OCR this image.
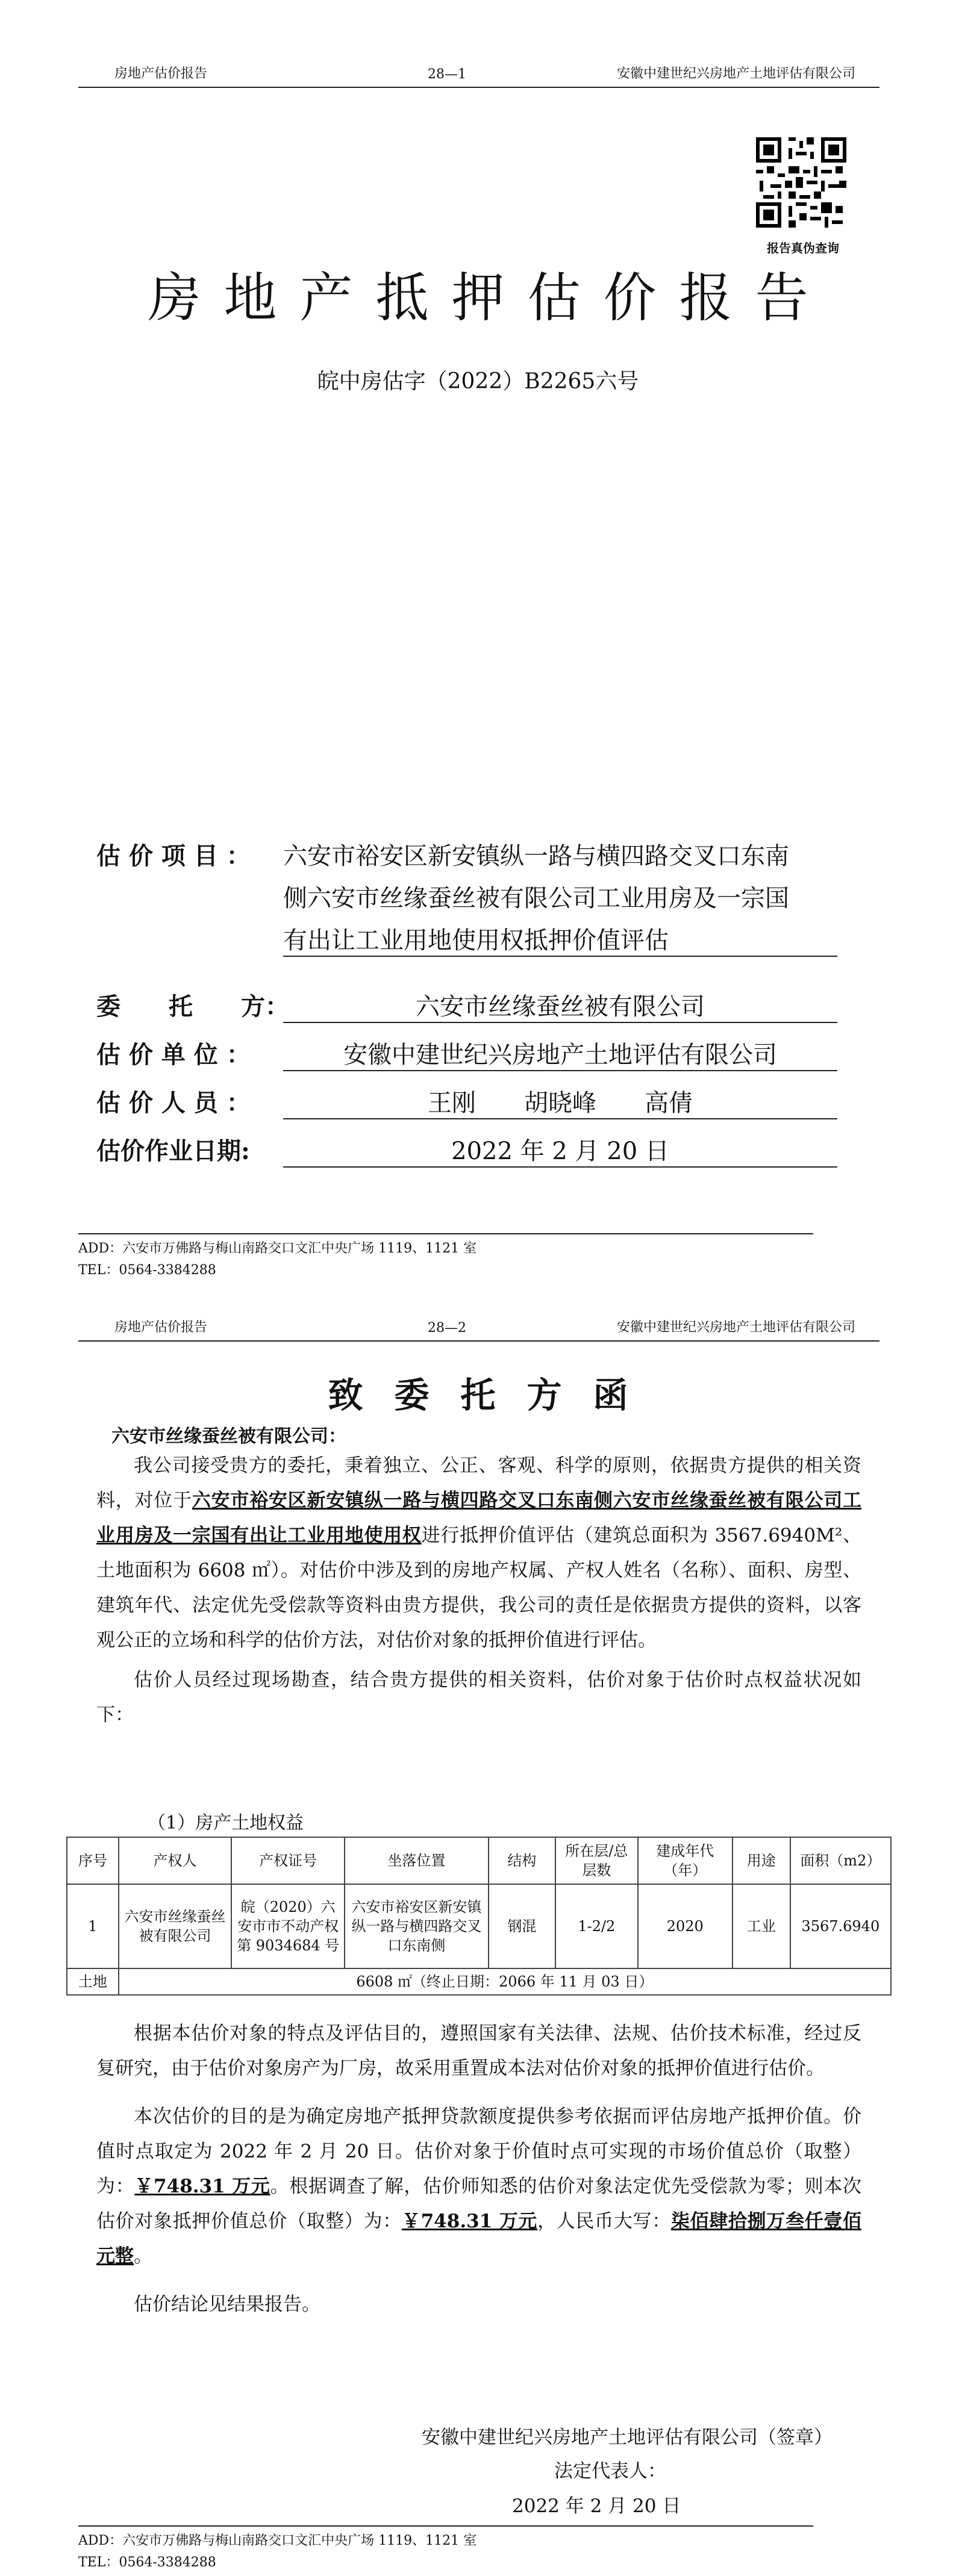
房地产估价报告	28—1	安徽中建世纪兴房地产土地评估有限公司
报告真伪查询
房地产抵押估价报告
皖中房估字（2022）B2265六号
估 价 项 目 ： 六安市裕安区新安镇纵一路与横四路交叉口东南
侧六安市丝缘蚕丝被有限公司工业用房及一宗国
有出让工业用地使用权抵押价值评估
委　　托　　方：	六安市丝缘蚕丝被有限公司
估 价 单 位 ：	安徽中建世纪兴房地产土地评估有限公司
估 价 人 员 ：	王刚　　胡晓峰　　高倩
估价作业日期:	2022 年 2 月 20 日
ADD：六安市万佛路与梅山南路交口文汇中央广场 1119、1121 室
TEL：0564-3384288
房地产估价报告	28—2	安徽中建世纪兴房地产土地评估有限公司
致委托方函
六安市丝缘蚕丝被有限公司：
我公司接受贵方的委托，秉着独立、公正、客观、科学的原则，依据贵方提供的相关资料，对位于六安市裕安区新安镇纵一路与横四路交叉口东南侧六安市丝缘蚕丝被有限公司工业用房及一宗国有出让工业用地使用权进行抵押价值评估（建筑总面积为 3567.6940M²、土地面积为 6608 ㎡）。对估价中涉及到的房地产权属、产权人姓名（名称）、面积、房型、建筑年代、法定优先受偿款等资料由贵方提供，我公司的责任是依据贵方提供的资料，以客观公正的立场和科学的估价方法，对估价对象的抵押价值进行评估。
估价人员经过现场勘查，结合贵方提供的相关资料，估价对象于估价时点权益状况如下：
（1）房产土地权益
序号	产权人	产权证号	坐落位置	结构	所在层/总层数	建成年代（年）	用途	面积（m2）
1	六安市丝缘蚕丝被有限公司	皖（2020）六安市市不动产权第 9034684 号	六安市裕安区新安镇纵一路与横四路交叉口东南侧	钢混	1-2/2	2020	工业	3567.6940
土地	6608 ㎡（终止日期：2066 年 11 月 03 日）							
根据本估价对象的特点及评估目的，遵照国家有关法律、法规、估价技术标准，经过反复研究，由于估价对象房产为厂房，故采用重置成本法对估价对象的抵押价值进行估价。
本次估价的目的是为确定房地产抵押贷款额度提供参考依据而评估房地产抵押价值。价值时点取定为 2022 年 2 月 20 日。估价对象于价值时点可实现的市场价值总价（取整）为：￥748.31 万元。根据调查了解，估价师知悉的估价对象法定优先受偿款为零；则本次估价对象抵押价值总价（取整）为：￥748.31 万元，人民币大写：柒佰肆拾捌万叁仟壹佰元整。
估价结论见结果报告。
安徽中建世纪兴房地产土地评估有限公司（签章）
法定代表人：
2022 年 2 月 20 日
ADD：六安市万佛路与梅山南路交口文汇中央广场 1119、1121 室
TEL：0564-3384288
